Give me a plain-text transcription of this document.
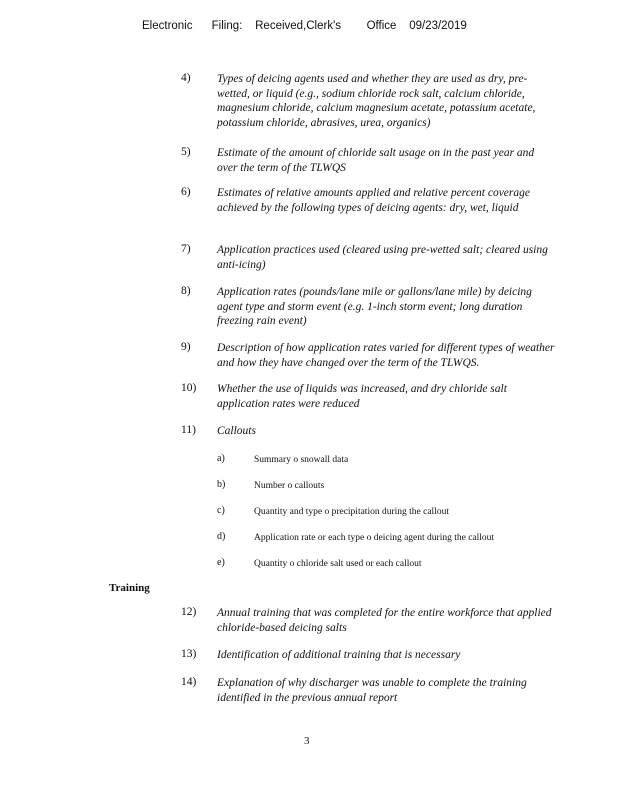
Electronic      Filing:    Received,Clerk's        Office    09/23/2019
4) Types of deicing agents used and whether they are used as dry, pre-wetted, or liquid (e.g., sodium chloride rock salt, calcium chloride, magnesium chloride, calcium magnesium acetate, potassium acetate, potassium chloride, abrasives, urea, organics)
5) Estimate of the amount of chloride salt usage on in the past year and over the term of the TLWQS
6) Estimates of relative amounts applied and relative percent coverage achieved by the following types of deicing agents: dry, wet, liquid
7) Application practices used (cleared using pre-wetted salt; cleared using anti-icing)
8) Application rates (pounds/lane mile or gallons/lane mile) by deicing agent type and storm event (e.g. 1-inch storm event; long duration freezing rain event)
9) Description of how application rates varied for different types of weather and how they have changed over the term of the TLWQS.
10) Whether the use of liquids was increased, and dry chloride salt application rates were reduced
11) Callouts
a)	Summary o snowall data
b)	Number o callouts
c)	Quantity and type o precipitation during the callout
d)	Application rate or each type o deicing agent during the callout
e)	Quantity o chloride salt used or each callout
Training
12) Annual training that was completed for the entire workforce that applied chloride-based deicing salts
13) Identification of additional training that is necessary
14) Explanation of why discharger was unable to complete the training identified in the previous annual report
3
